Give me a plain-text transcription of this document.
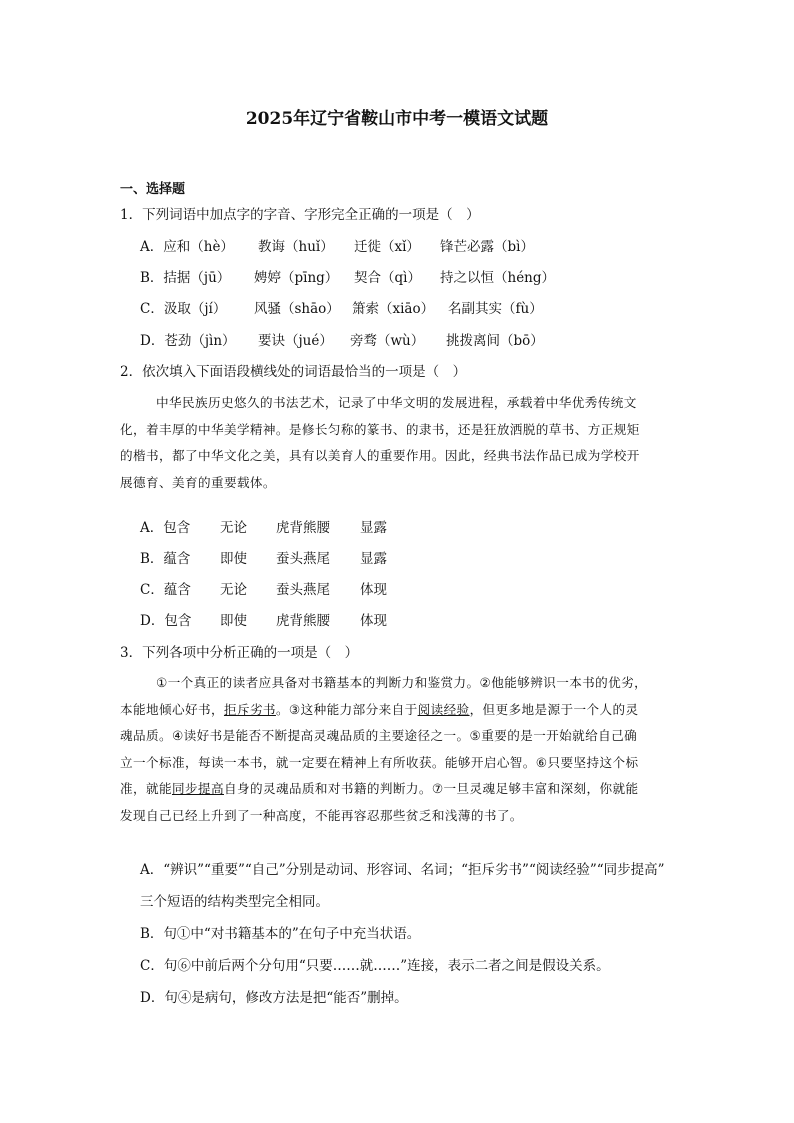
2025年辽宁省鞍山市中考一模语文试题
一、选择题
1．下列词语中加点字的字音、字形完全正确的一项是（　）
A．应和（hè） 教诲（huǐ） 迁徙（xǐ） 锋芒必露（bì）
B．拮据（jū） 娉婷（pīng） 契合（qì） 持之以恒（héng）
C．汲取（jí） 风骚（shāo） 箫索（xiāo） 名副其实（fù）
D．苍劲（jìn） 要诀（jué） 旁骛（wù） 挑拨离间（bō）
2．依次填入下面语段横线处的词语最恰当的一项是（　）
中华民族历史悠久的书法艺术，记录了中华文明的发展进程，承载着中华优秀传统文
化，着丰厚的中华美学精神。是修长匀称的篆书、的隶书，还是狂放洒脱的草书、方正规矩
的楷书，都了中华文化之美，具有以美育人的重要作用。因此，经典书法作品已成为学校开
展德育、美育的重要载体。
A．包含 无论 虎背熊腰 显露
B．蕴含 即使 蚕头燕尾 显露
C．蕴含 无论 蚕头燕尾 体现
D．包含 即使 虎背熊腰 体现
3．下列各项中分析正确的一项是（　）
①一个真正的读者应具备对书籍基本的判断力和鉴赏力。②他能够辨识一本书的优劣，
本能地倾心好书，拒斥劣书。③这种能力部分来自于阅读经验，但更多地是源于一个人的灵
魂品质。④读好书是能否不断提高灵魂品质的主要途径之一。⑤重要的是一开始就给自己确
立一个标准，每读一本书，就一定要在精神上有所收获。能够开启心智。⑥只要坚持这个标
准，就能同步提高自身的灵魂品质和对书籍的判断力。⑦一旦灵魂足够丰富和深刻，你就能
发现自己已经上升到了一种高度，不能再容忍那些贫乏和浅薄的书了。
A．“辨识”“重要”“自己”分别是动词、形容词、名词；“拒斥劣书”“阅读经验”“同步提高”
三个短语的结构类型完全相同。
B．句①中“对书籍基本的”在句子中充当状语。
C．句⑥中前后两个分句用“只要……就……”连接，表示二者之间是假设关系。
D．句④是病句，修改方法是把“能否”删掉。
